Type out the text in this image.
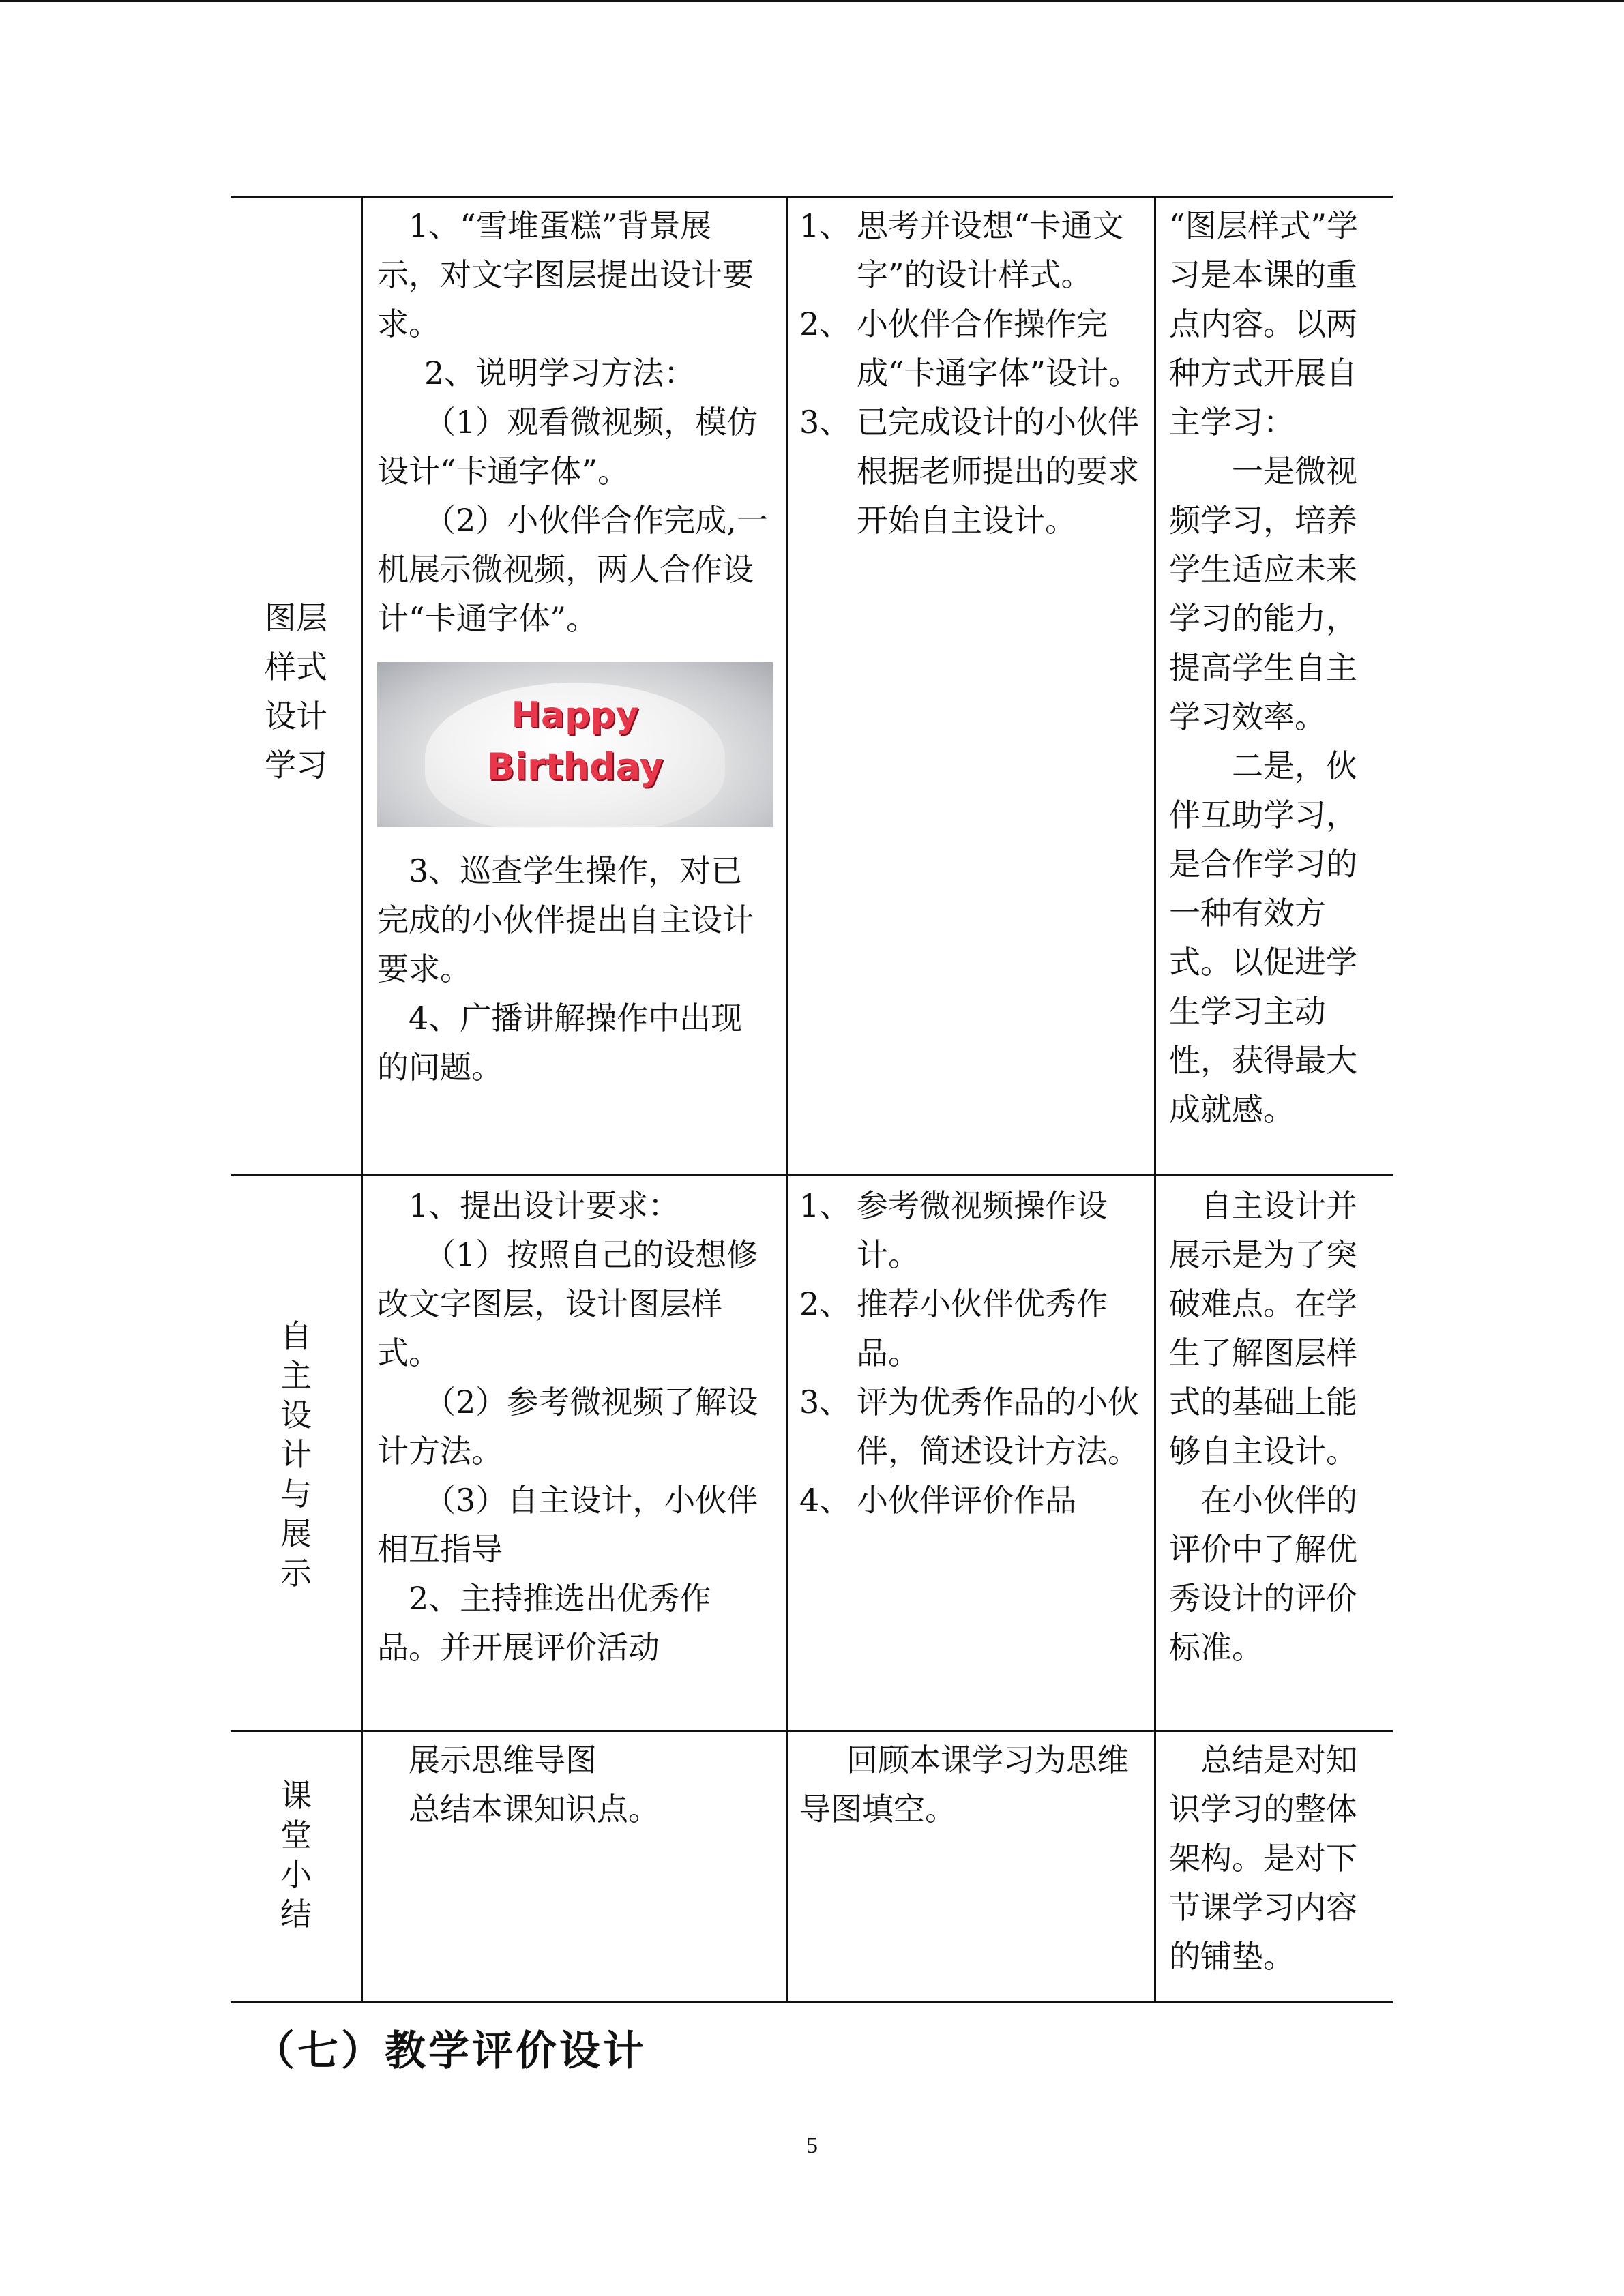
图层
样式
设计
学习

1、“雪堆蛋糕”背景展示，对文字图层提出设计要求。

2、说明学习方法：

（1）观看微视频，模仿设计“卡通字体”。

（2）小伙伴合作完成,一机展示微视频，两人合作设计“卡通字体”。

Happy
Birthday

3、巡查学生操作，对已完成的小伙伴提出自主设计要求。

4、广播讲解操作中出现的问题。

1、 思考并设想“卡通文字”的设计样式。
2、 小伙伴合作操作完成“卡通字体”设计。
3、 已完成设计的小伙伴根据老师提出的要求开始自主设计。

“图层样式”学习是本课的重点内容。以两种方式开展自主学习：

一是微视频学习，培养学生适应未来学习的能力，提高学生自主学习效率。

二是，伙伴互助学习，是合作学习的一种有效方式。以促进学生学习主动性，获得最大成就感。

自
主
设
计
与
展
示

1、提出设计要求：

（1）按照自己的设想修改文字图层，设计图层样式。

（2）参考微视频了解设计方法。

（3）自主设计，小伙伴相互指导

2、主持推选出优秀作品。并开展评价活动

1、 参考微视频操作设计。
2、 推荐小伙伴优秀作品。
3、 评为优秀作品的小伙伴，简述设计方法。
4、 小伙伴评价作品

自主设计并展示是为了突破难点。在学生了解图层样式的基础上能够自主设计。

在小伙伴的评价中了解优秀设计的评价标准。

课
堂
小
结

展示思维导图

总结本课知识点。

回顾本课学习为思维导图填空。

总结是对知识学习的整体架构。是对下节课学习内容的铺垫。

（七）教学评价设计
5
